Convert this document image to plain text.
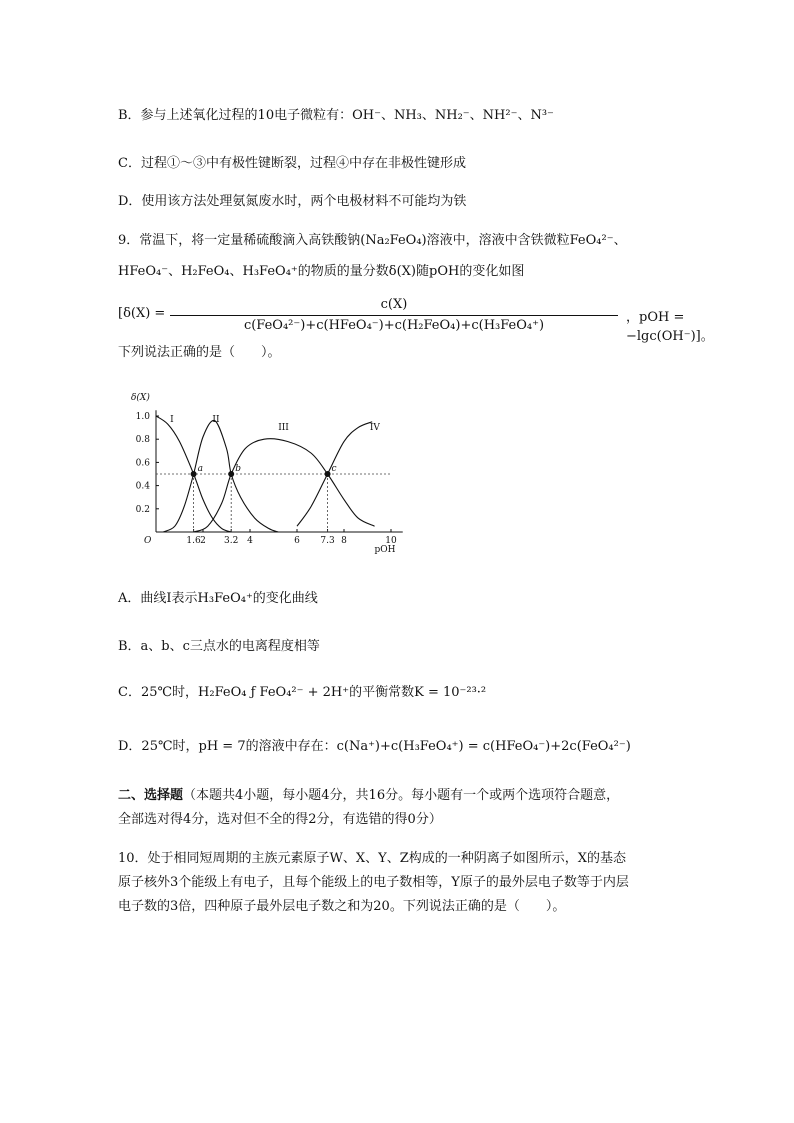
B．参与上述氧化过程的10电子微粒有：OH⁻、NH₃、NH₂⁻、NH²⁻、N³⁻
C．过程①～③中有极性键断裂，过程④中存在非极性键形成
D．使用该方法处理氨氮废水时，两个电极材料不可能均为铁
9．常温下，将一定量稀硫酸滴入高铁酸钠(Na₂FeO₄)溶液中，溶液中含铁微粒FeO₄²⁻、
HFeO₄⁻、H₂FeO₄、H₃FeO₄⁺的物质的量分数δ(X)随pOH的变化如图
[δ(X) =
c(X)
c(FeO₄²⁻)+c(HFeO₄⁻)+c(H₂FeO₄)+c(H₃FeO₄⁺)
，pOH = −lgc(OH⁻)]。
下列说法正确的是（　　）。
δ(X)
pOH
O
0.2
0.4
0.6
0.8
1.0
1.6 2 3.2 4	6 7.3 8	10
I	II
III	IV
a	b	c
A．曲线Ⅰ表示H₃FeO₄⁺的变化曲线
B．a、b、c三点水的电离程度相等
C．25℃时，H₂FeO₄ ƒ FeO₄²⁻ + 2H⁺的平衡常数K = 10⁻²³·²
D．25℃时，pH = 7的溶液中存在：c(Na⁺)+c(H₃FeO₄⁺) = c(HFeO₄⁻)+2c(FeO₄²⁻)
二、选择题（本题共4小题，每小题4分，共16分。每小题有一个或两个选项符合题意，
全部选对得4分，选对但不全的得2分，有选错的得0分）
10．处于相同短周期的主族元素原子W、X、Y、Z构成的一种阴离子如图所示，X的基态
原子核外3个能级上有电子，且每个能级上的电子数相等，Y原子的最外层电子数等于内层
电子数的3倍，四种原子最外层电子数之和为20。下列说法正确的是（　　）。
